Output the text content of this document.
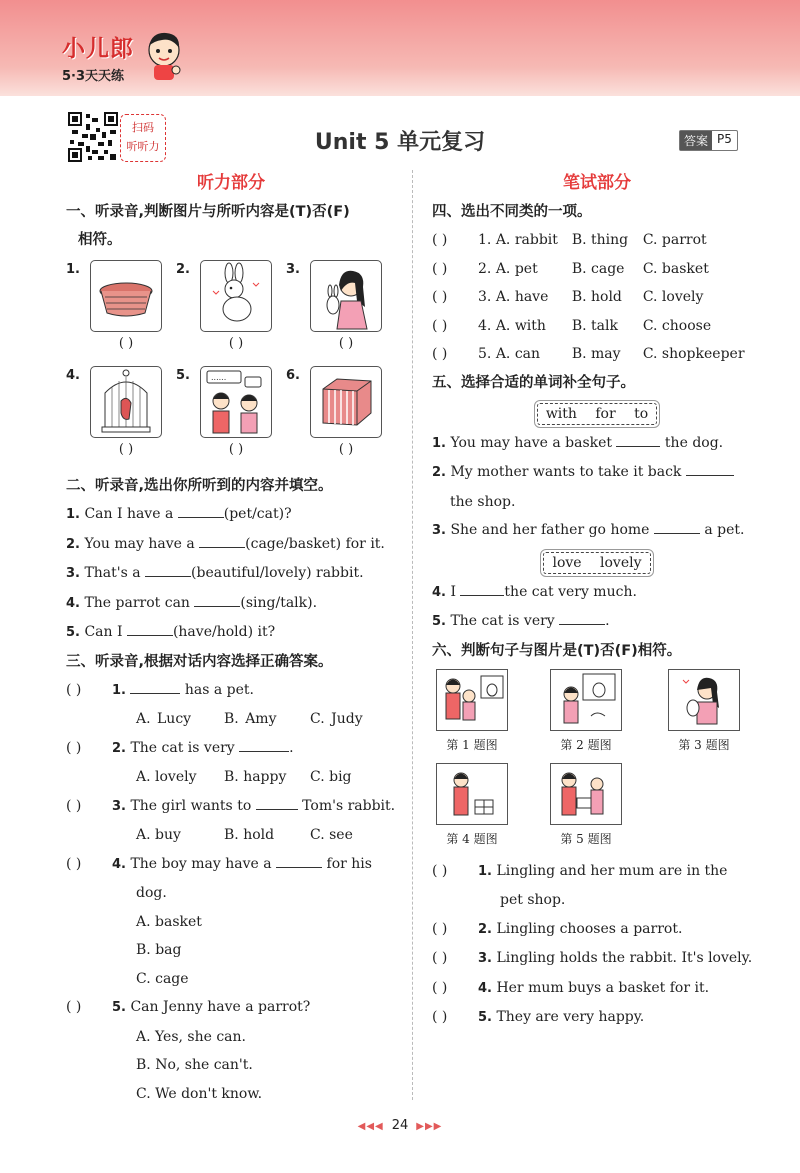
小儿郎
5·3天天练
扫码
听听力	Unit 5 单元复习	答案 P5
听力部分
一、听录音,判断图片与所听内容是(T)否(F)
相符。
1.
( )
2.
( )
3.
( )
4.
( )
5.	......
( )
6.
( )
二、听录音,选出你所听到的内容并填空。
1. Can I have a	(pet/cat)?
2. You may have a	(cage/basket) for it.
3. That's a	(beautiful/lovely) rabbit.
4. The parrot can	(sing/talk).
5. Can I	(have/hold) it?
三、听录音,根据对话内容选择正确答案。
( ) 1.	has a pet.
A. Lucy B. Amy C. Judy
( ) 2. The cat is very	.
A. lovely B. happy C. big
( ) 3. The girl wants to	Tom's rabbit.
A. buy	B. hold	C. see
( ) 4. The boy may have a	for his
dog.
A. basket
B. bag
C. cage
( ) 5. Can Jenny have a parrot?
A. Yes, she can.
B. No, she can't.
C. We don't know.
笔试部分
四、选出不同类的一项。
( ) 1. A. rabbit B. thing C. parrot
( ) 2. A. pet B. cage C. basket
( ) 3. A. have B. hold C. lovely
( ) 4. A. with B. talk C. choose
( ) 5. A. can B. may C. shopkeeper
五、选择合适的单词补全句子。
with for to
1. You may have a basket	the dog.
2. My mother wants to take it back
the shop.
3. She and her father go home	a pet.
love lovely
4. I	the cat very much.
5. The cat is very	.
六、判断句子与图片是(T)否(F)相符。
第 1 题图	第 2 题图	第 3 题图
第 4 题图	第 5 题图
( ) 1. Lingling and her mum are in the
pet shop.
( ) 2. Lingling chooses a parrot.
( ) 3. Lingling holds the rabbit. It's lovely.
( ) 4. Her mum buys a basket for it.
( ) 5. They are very happy.
◀◀◀ 24 ▶▶▶
